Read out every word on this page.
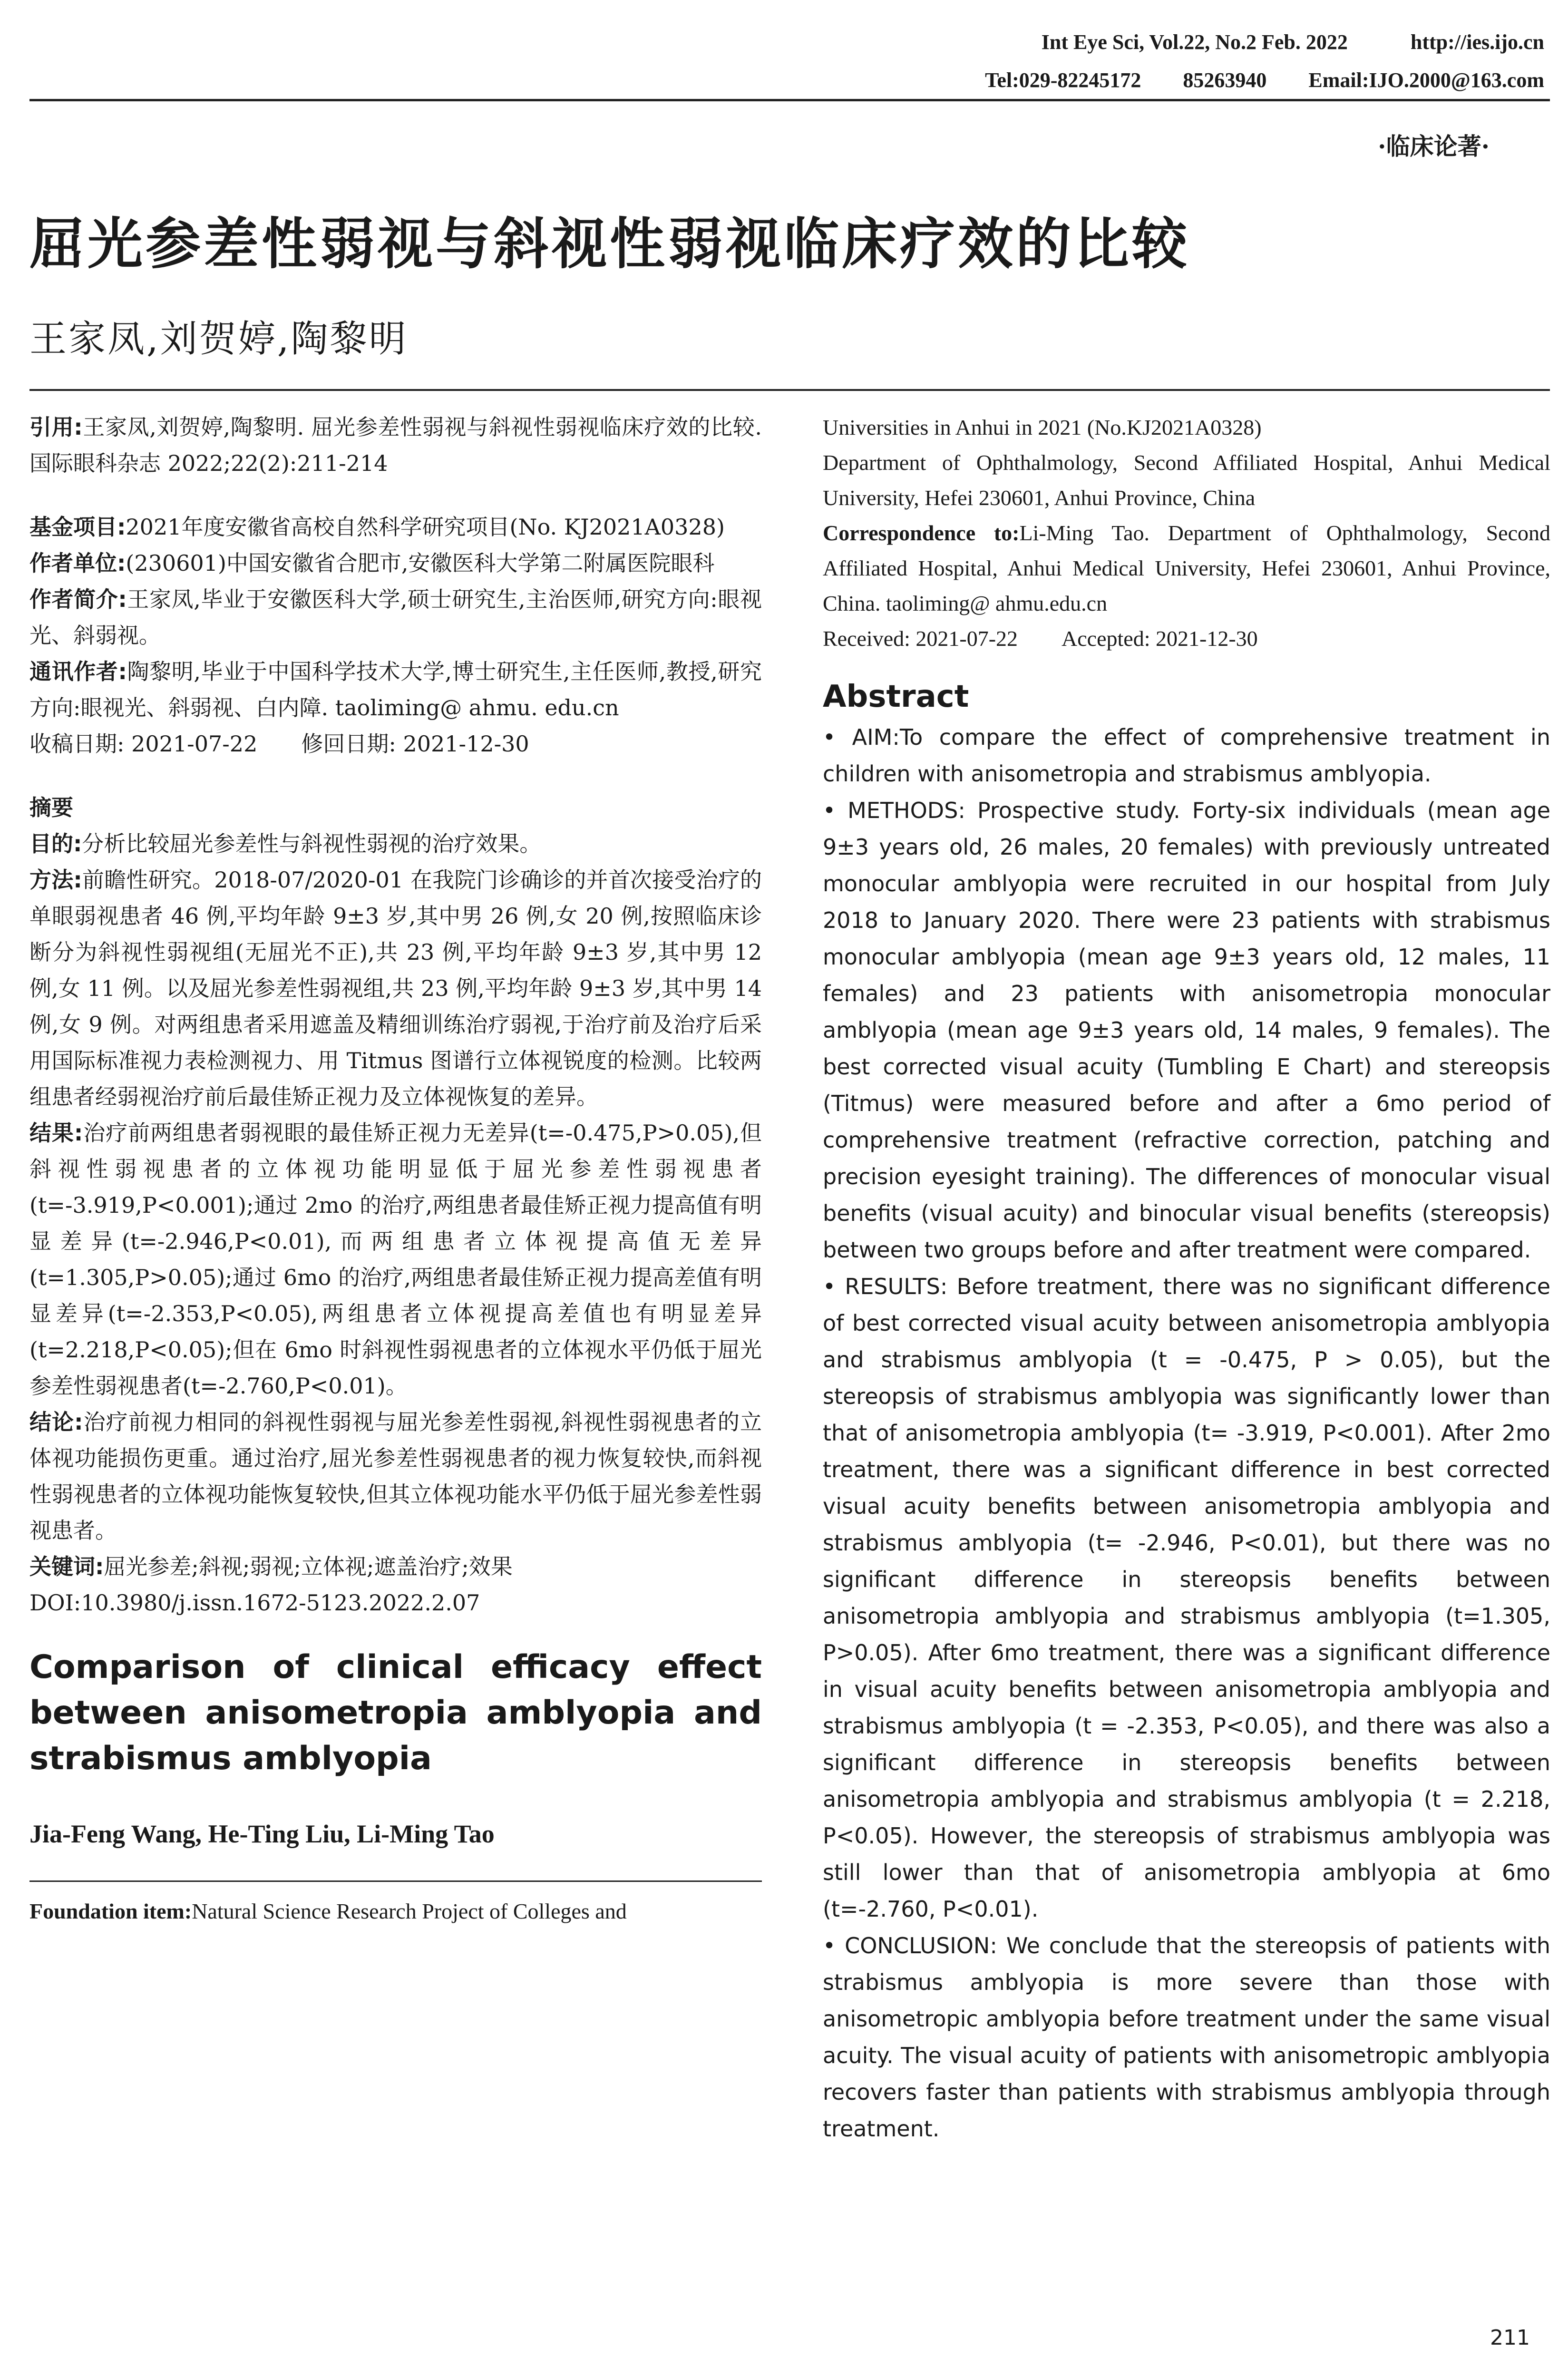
Int Eye Sci, Vol.22, No.2 Feb. 2022　　　http://ies.ijo.cn
Tel:029-82245172　　85263940　　Email:IJO.2000@163.com
·临床论著·
屈光参差性弱视与斜视性弱视临床疗效的比较
王家凤,刘贺婷,陶黎明

引用:王家凤,刘贺婷,陶黎明. 屈光参差性弱视与斜视性弱视临床疗效的比较. 国际眼科杂志 2022;22(2):211-214

基金项目:2021年度安徽省高校自然科学研究项目(No. KJ2021A0328)

作者单位:(230601)中国安徽省合肥市,安徽医科大学第二附属医院眼科

作者简介:王家凤,毕业于安徽医科大学,硕士研究生,主治医师,研究方向:眼视光、斜弱视。

通讯作者:陶黎明,毕业于中国科学技术大学,博士研究生,主任医师,教授,研究方向:眼视光、斜弱视、白内障. taoliming@ ahmu. edu.cn

收稿日期: 2021-07-22　　修回日期: 2021-12-30

摘要

目的:分析比较屈光参差性与斜视性弱视的治疗效果。

方法:前瞻性研究。2018-07/2020-01 在我院门诊确诊的并首次接受治疗的单眼弱视患者 46 例,平均年龄 9±3 岁,其中男 26 例,女 20 例,按照临床诊断分为斜视性弱视组(无屈光不正),共 23 例,平均年龄 9±3 岁,其中男 12 例,女 11 例。以及屈光参差性弱视组,共 23 例,平均年龄 9±3 岁,其中男 14 例,女 9 例。对两组患者采用遮盖及精细训练治疗弱视,于治疗前及治疗后采用国际标准视力表检测视力、用 Titmus 图谱行立体视锐度的检测。比较两组患者经弱视治疗前后最佳矫正视力及立体视恢复的差异。

结果:治疗前两组患者弱视眼的最佳矫正视力无差异(t=-0.475,P>0.05),但斜视性弱视患者的立体视功能明显低于屈光参差性弱视患者(t=-3.919,P<0.001);通过 2mo 的治疗,两组患者最佳矫正视力提高值有明显差异(t=-2.946,P<0.01),而两组患者立体视提高值无差异(t=1.305,P>0.05);通过 6mo 的治疗,两组患者最佳矫正视力提高差值有明显差异(t=-2.353,P<0.05),两组患者立体视提高差值也有明显差异(t=2.218,P<0.05);但在 6mo 时斜视性弱视患者的立体视水平仍低于屈光参差性弱视患者(t=-2.760,P<0.01)。

结论:治疗前视力相同的斜视性弱视与屈光参差性弱视,斜视性弱视患者的立体视功能损伤更重。通过治疗,屈光参差性弱视患者的视力恢复较快,而斜视性弱视患者的立体视功能恢复较快,但其立体视功能水平仍低于屈光参差性弱视患者。

关键词:屈光参差;斜视;弱视;立体视;遮盖治疗;效果

DOI:10.3980/j.issn.1672-5123.2022.2.07

Comparison of clinical efficacy effect between anisometropia amblyopia and strabismus amblyopia
Jia-Feng Wang, He-Ting Liu, Li-Ming Tao

Foundation item:Natural Science Research Project of Colleges and

Universities in Anhui in 2021 (No.KJ2021A0328)

Department of Ophthalmology, Second Affiliated Hospital, Anhui Medical University, Hefei 230601, Anhui Province, China

Correspondence to:Li-Ming Tao. Department of Ophthalmology, Second Affiliated Hospital, Anhui Medical University, Hefei 230601, Anhui Province, China. taoliming@ ahmu.edu.cn

Received: 2021-07-22　　Accepted: 2021-12-30

Abstract

• AIM:To compare the effect of comprehensive treatment in children with anisometropia and strabismus amblyopia.

• METHODS: Prospective study. Forty-six individuals (mean age 9±3 years old, 26 males, 20 females) with previously untreated monocular amblyopia were recruited in our hospital from July 2018 to January 2020. There were 23 patients with strabismus monocular amblyopia (mean age 9±3 years old, 12 males, 11 females) and 23 patients with anisometropia monocular amblyopia (mean age 9±3 years old, 14 males, 9 females). The best corrected visual acuity (Tumbling E Chart) and stereopsis (Titmus) were measured before and after a 6mo period of comprehensive treatment (refractive correction, patching and precision eyesight training). The differences of monocular visual benefits (visual acuity) and binocular visual benefits (stereopsis) between two groups before and after treatment were compared.

• RESULTS: Before treatment, there was no significant difference of best corrected visual acuity between anisometropia amblyopia and strabismus amblyopia (t = -0.475, P > 0.05), but the stereopsis of strabismus amblyopia was significantly lower than that of anisometropia amblyopia (t= -3.919, P<0.001). After 2mo treatment, there was a significant difference in best corrected visual acuity benefits between anisometropia amblyopia and strabismus amblyopia (t= -2.946, P<0.01), but there was no significant difference in stereopsis benefits between anisometropia amblyopia and strabismus amblyopia (t=1.305, P>0.05). After 6mo treatment, there was a significant difference in visual acuity benefits between anisometropia amblyopia and strabismus amblyopia (t = -2.353, P<0.05), and there was also a significant difference in stereopsis benefits between anisometropia amblyopia and strabismus amblyopia (t = 2.218, P<0.05). However, the stereopsis of strabismus amblyopia was still lower than that of anisometropia amblyopia at 6mo (t=-2.760, P<0.01).

• CONCLUSION: We conclude that the stereopsis of patients with strabismus amblyopia is more severe than those with anisometropic amblyopia before treatment under the same visual acuity. The visual acuity of patients with anisometropic amblyopia recovers faster than patients with strabismus amblyopia through treatment.

211
